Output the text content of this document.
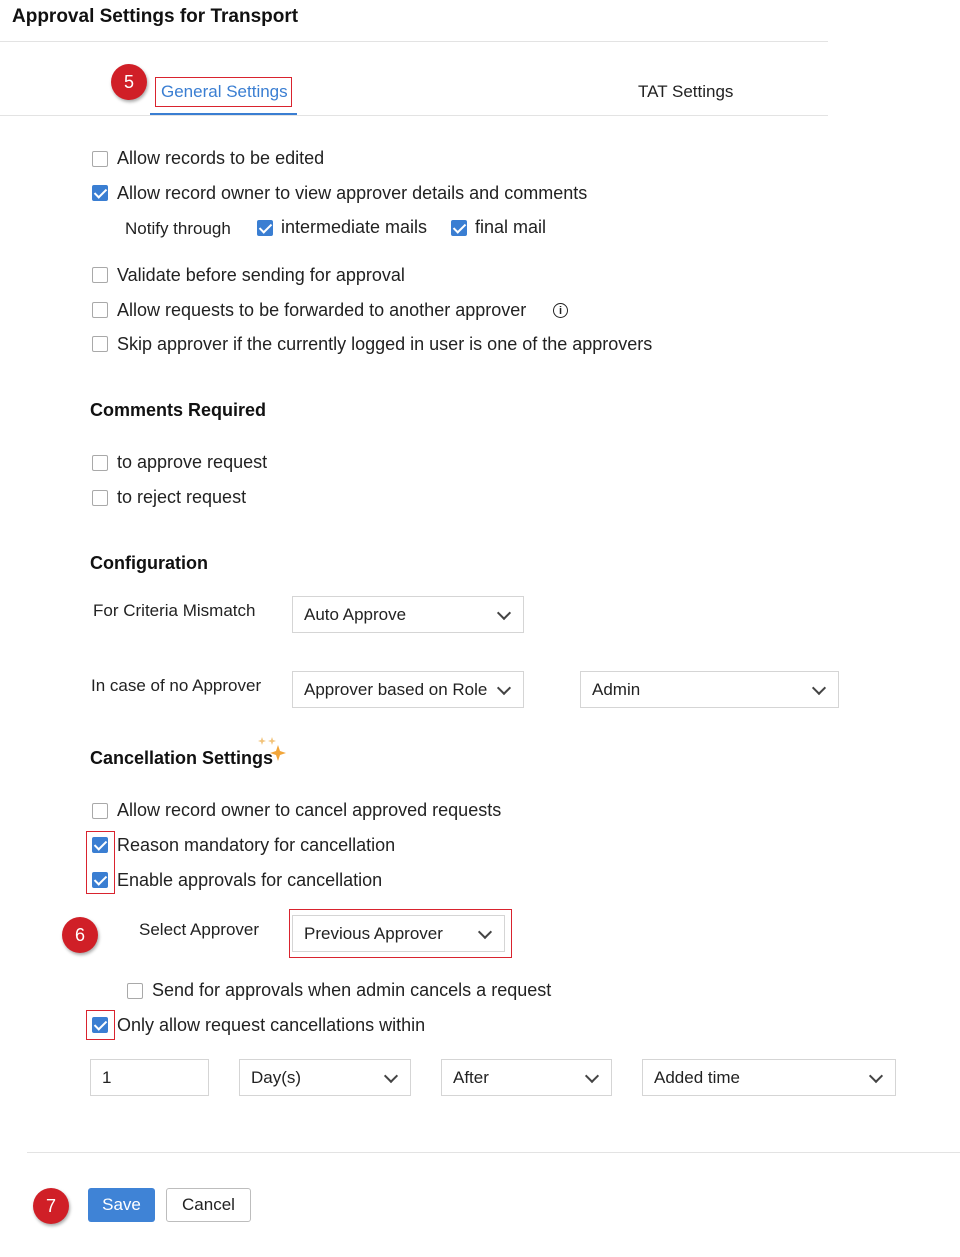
Approval Settings for Transport
5	General Settings	TAT Settings
Allow records to be edited
Allow record owner to view approver details and comments
Notify through	intermediate mails	final mail
Validate before sending for approval
Allow requests to be forwarded to another approver	i
Skip approver if the currently logged in user is one of the approvers
Comments Required
to approve request
to reject request
Configuration
For Criteria Mismatch	Auto Approve
In case of no Approver	Approver based on Role	Admin
Cancellation Settings
Allow record owner to cancel approved requests
Reason mandatory for cancellation
Enable approvals for cancellation
6	Select Approver	Previous Approver
Send for approvals when admin cancels a request
Only allow request cancellations within
1	Day(s)	After	Added time
7	Save	Cancel
